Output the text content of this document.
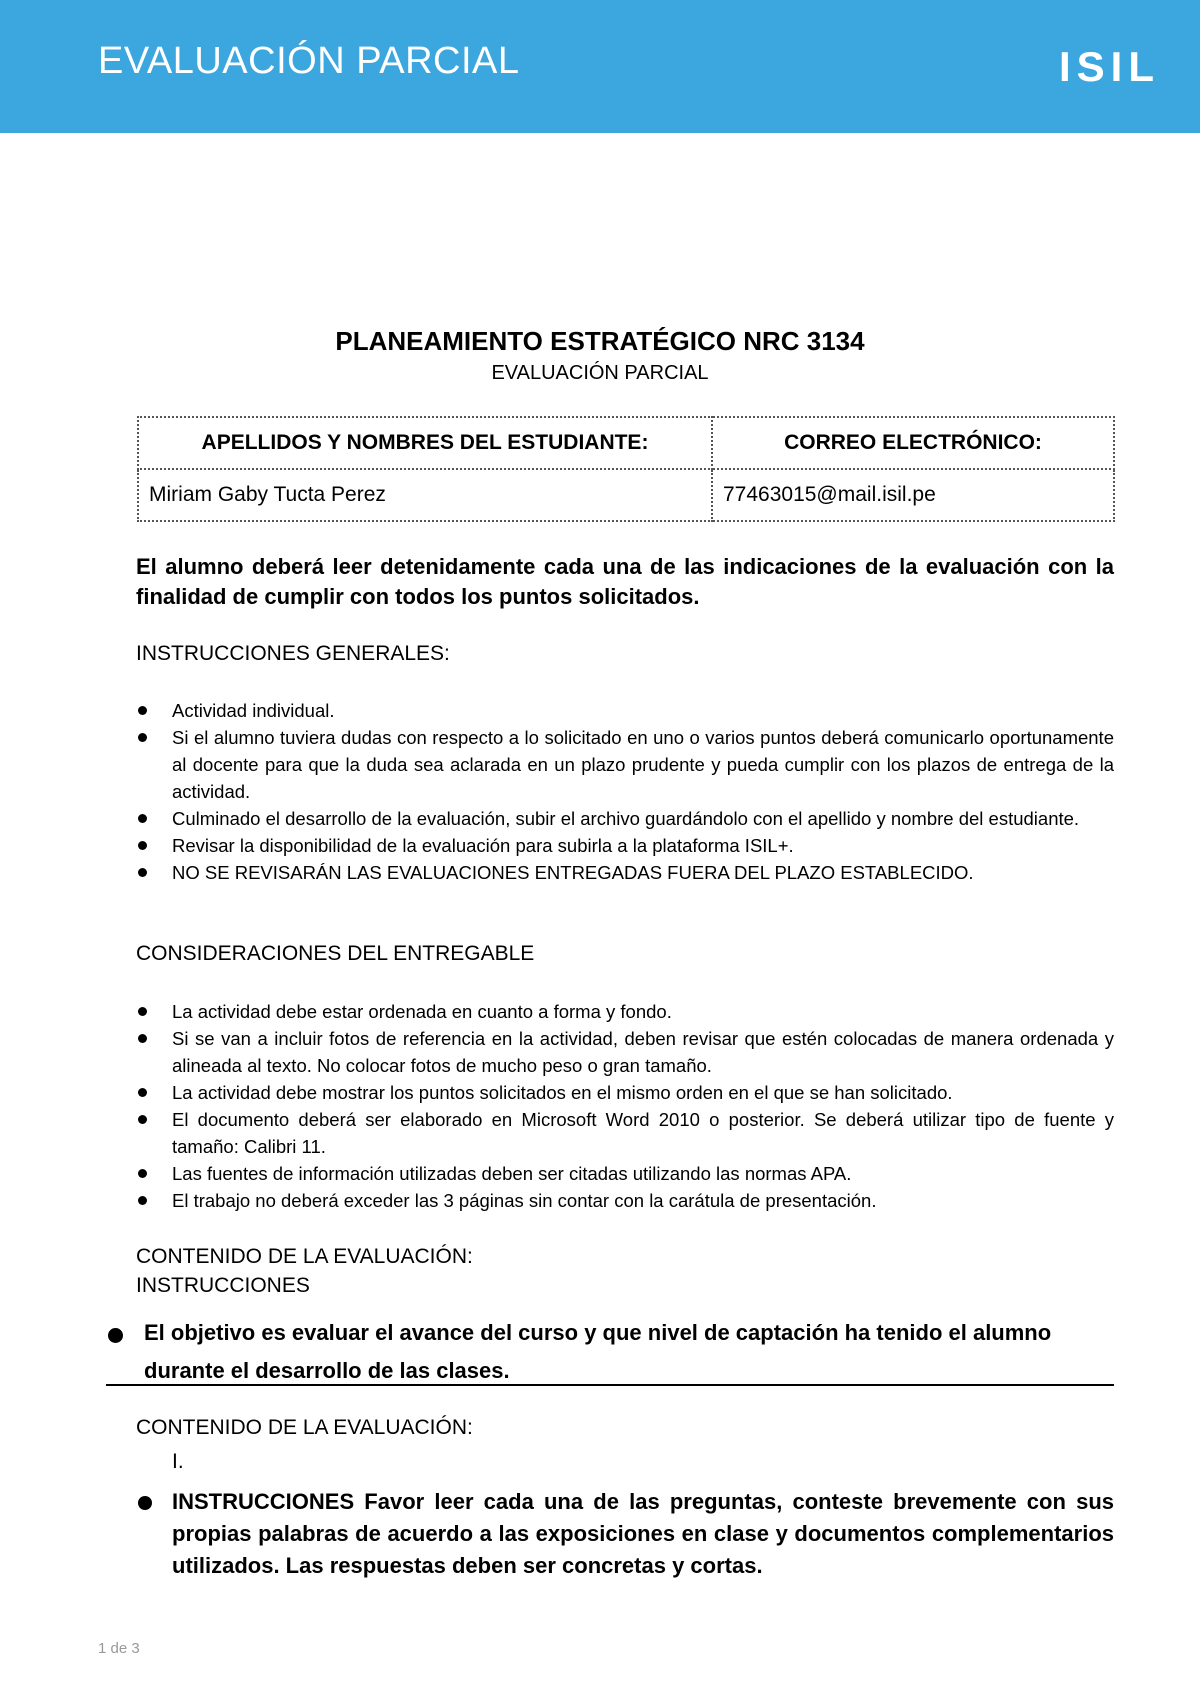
EVALUACIÓN PARCIAL	ISIL
PLANEAMIENTO ESTRATÉGICO NRC 3134
EVALUACIÓN PARCIAL
APELLIDOS Y NOMBRES DEL ESTUDIANTE:	CORREO ELECTRÓNICO:
Miriam Gaby Tucta Perez	77463015@mail.isil.pe
El alumno deberá leer detenidamente cada una de las indicaciones de la evaluación con la finalidad de cumplir con todos los puntos solicitados.
INSTRUCCIONES GENERALES:
Actividad individual.
Si el alumno tuviera dudas con respecto a lo solicitado en uno o varios puntos deberá comunicarlo oportunamente al docente para que la duda sea aclarada en un plazo prudente y pueda cumplir con los plazos de entrega de la actividad.
Culminado el desarrollo de la evaluación, subir el archivo guardándolo con el apellido y nombre del estudiante.
Revisar la disponibilidad de la evaluación para subirla a la plataforma ISIL+.
NO SE REVISARÁN LAS EVALUACIONES ENTREGADAS FUERA DEL PLAZO ESTABLECIDO.
CONSIDERACIONES DEL ENTREGABLE
La actividad debe estar ordenada en cuanto a forma y fondo.
Si se van a incluir fotos de referencia en la actividad, deben revisar que estén colocadas de manera ordenada y alineada al texto. No colocar fotos de mucho peso o gran tamaño.
La actividad debe mostrar los puntos solicitados en el mismo orden en el que se han solicitado.
El documento deberá ser elaborado en Microsoft Word 2010 o posterior. Se deberá utilizar tipo de fuente y tamaño: Calibri 11.
Las fuentes de información utilizadas deben ser citadas utilizando las normas APA.
El trabajo no deberá exceder las 3 páginas sin contar con la carátula de presentación.
CONTENIDO DE LA EVALUACIÓN:
INSTRUCCIONES
El objetivo es evaluar el avance del curso y que nivel de captación ha tenido el alumno durante el desarrollo de las clases.
CONTENIDO DE LA EVALUACIÓN:
I.
INSTRUCCIONES Favor leer cada una de las preguntas, conteste brevemente con sus propias palabras de acuerdo a las exposiciones en clase y documentos complementarios utilizados. Las respuestas deben ser concretas y cortas.
1 de 3
